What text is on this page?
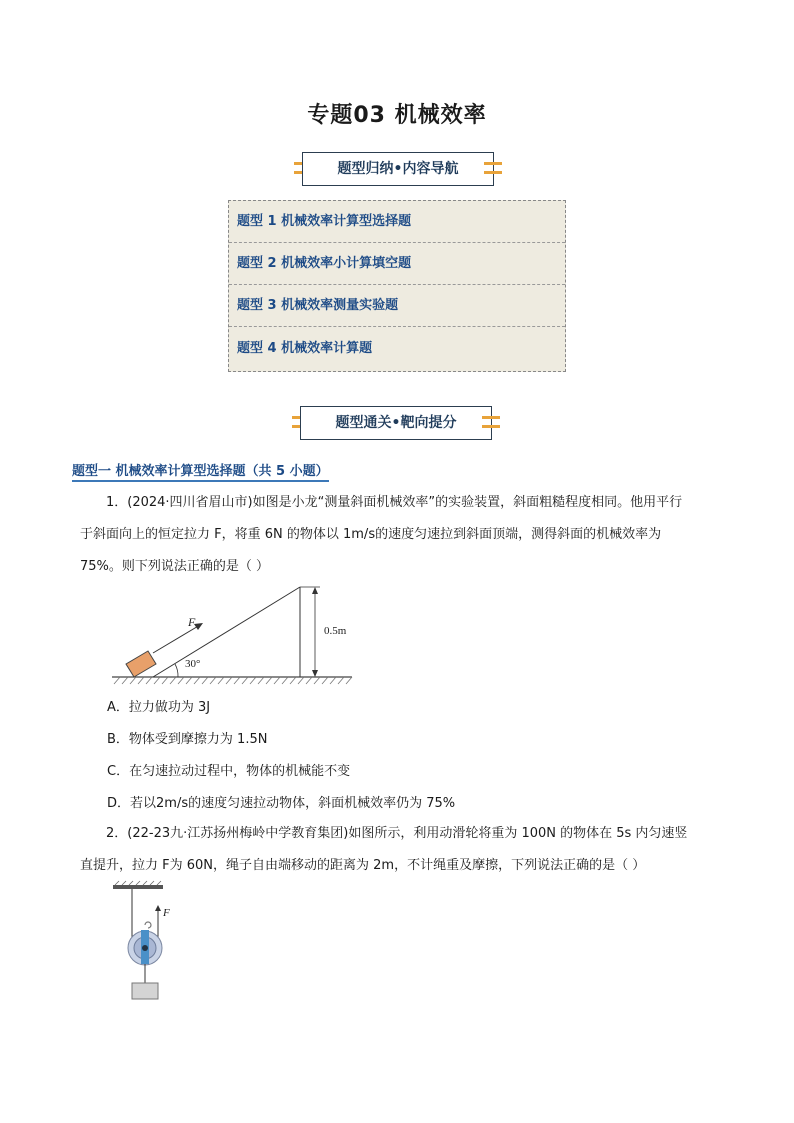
专题03 机械效率
题型归纳•内容导航
题型 1 机械效率计算型选择题
题型 2 机械效率小计算填空题
题型 3 机械效率测量实验题
题型 4 机械效率计算题
题型通关•靶向提分
题型一 机械效率计算型选择题（共 5 小题）
1．(2024·四川省眉山市)如图是小龙“测量斜面机械效率”的实验装置，斜面粗糙程度相同。他用平行
于斜面向上的恒定拉力 F，将重 6N 的物体以 1m/s的速度匀速拉到斜面顶端，测得斜面的机械效率为
75%。则下列说法正确的是（ ）
F
30°
0.5m
A．拉力做功为 3J
B．物体受到摩擦力为 1.5N
C．在匀速拉动过程中，物体的机械能不变
D．若以2m/s的速度匀速拉动物体，斜面机械效率仍为 75%
2．(22-23九·江苏扬州梅岭中学教育集团)如图所示，利用动滑轮将重为 100N 的物体在 5s 内匀速竖
直提升，拉力 F为 60N，绳子自由端移动的距离为 2m，不计绳重及摩擦，下列说法正确的是（ ）
F
